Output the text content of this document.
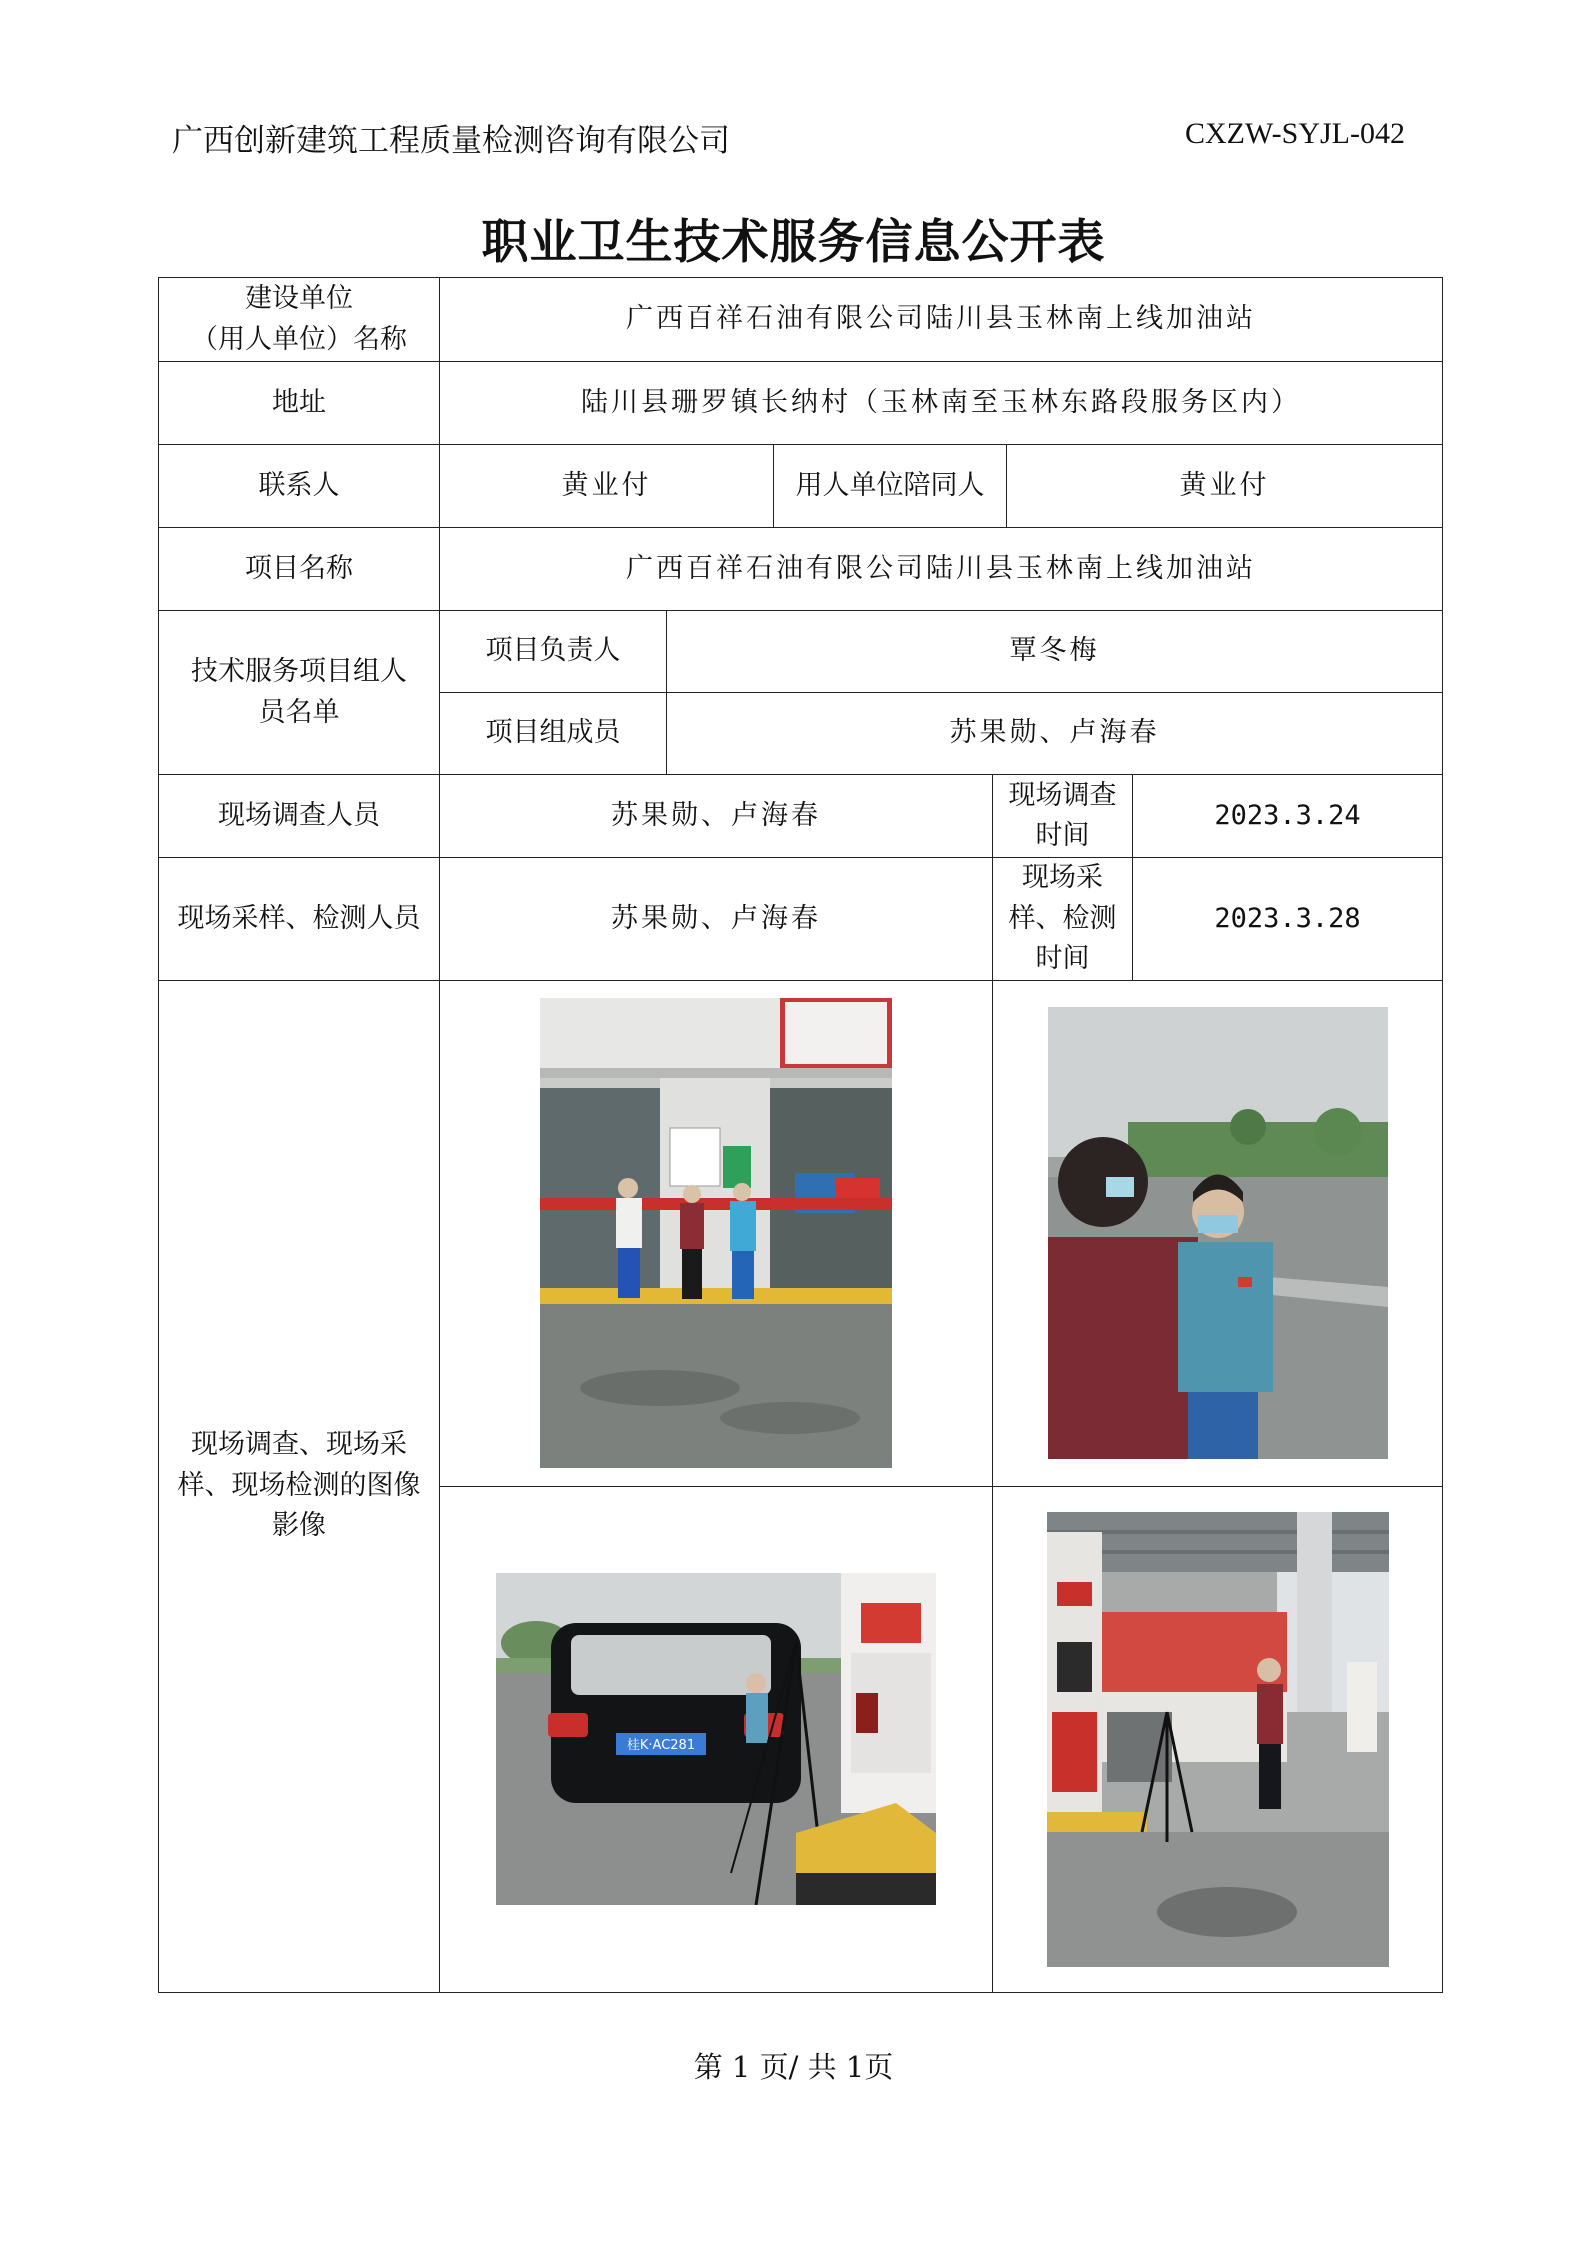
广西创新建筑工程质量检测咨询有限公司	CXZW-SYJL-042
职业卫生技术服务信息公开表
建设单位
（用人单位）名称	广西百祥石油有限公司陆川县玉林南上线加油站					
地址	陆川县珊罗镇长纳村（玉林南至玉林东路段服务区内）					
联系人	黄业付		用人单位陪同人		黄业付	
项目名称	广西百祥石油有限公司陆川县玉林南上线加油站					

技术服务项目组人
员名单	项目负责人	覃冬梅				
	项目组成员	苏果勋、卢海春				
现场调查人员	苏果勋、卢海春			现场调查时间		2023.3.24
现场采样、检测人员	苏果勋、卢海春			现场采样、检测时间		2023.3.28

现场调查、现场采
样、现场检测的图像
影像

桂K·AC281

第 1 页/ 共 1页
